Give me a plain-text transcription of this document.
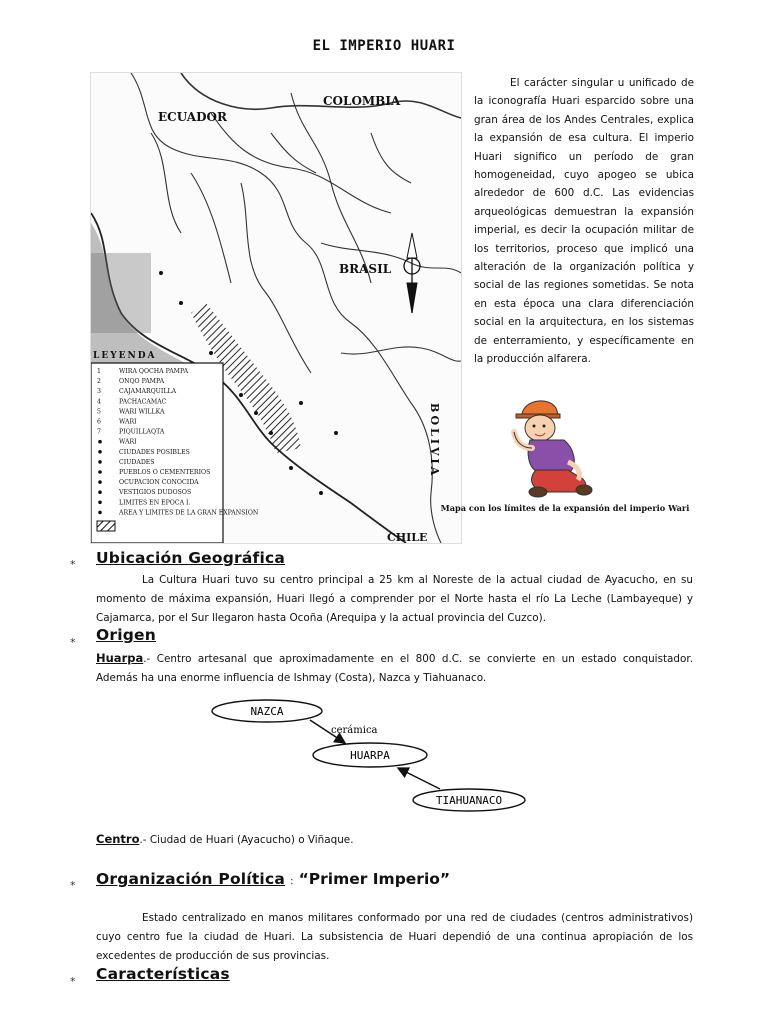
EL IMPERIO HUARI
ECUADOR
COLOMBIA
BRASIL
BOLIVIA
CHILE
LEYENDA
1	WIRA QOCHA PAMPA
2	ONQO PAMPA
3	CAJAMARQUILLA
4	PACHACAMAC
5	WARI WILLKA
6	WARI
7	PIQUILLAQTA
WARI
CIUDADES POSIBLES
CIUDADES
PUEBLOS O CEMENTERIOS
OCUPACION CONOCIDA
VESTIGIOS DUDOSOS
LIMITES EN EPOCA I.
AREA Y LIMITES DE LA GRAN EXPANSION

El carácter singular u unificado de la iconografía Huari esparcido sobre una gran área de los Andes Centrales, explica la expansión de esa cultura. El imperio Huari significo un período de gran homogeneidad, cuyo apogeo se ubica alrededor de 600 d.C. Las evidencias arqueológicas demuestran la expansión imperial, es decir la ocupación militar de los territorios, proceso que implicó una alteración de la organización política y social de las regiones sometidas. Se nota en esta época una clara diferenciación social en la arquitectura, en los sistemas de enterramiento, y específicamente en la producción alfarera.

Mapa con los límites de la expansión del imperio Wari
* Ubicación Geográfica
La Cultura Huari tuvo su centro principal a 25 km al Noreste de la actual ciudad de Ayacucho, en su momento de máxima expansión, Huari llegó a comprender por el Norte hasta el río La Leche (Lambayeque) y Cajamarca, por el Sur llegaron hasta Ocoña (Arequipa y la actual provincia del Cuzco).
* Origen
Huarpa.- Centro artesanal que aproximadamente en el 800 d.C. se convierte en un estado conquistador. Además ha una enorme influencia de Ishmay (Costa), Nazca y Tiahuanaco.
NAZCA
HUARPA
TIAHUANACO
cerámica
Centro.- Ciudad de Huari (Ayacucho) o Viñaque.
* Organización Política : “Primer Imperio”
Estado centralizado en manos militares conformado por una red de ciudades (centros administrativos) cuyo centro fue la ciudad de Huari. La subsistencia de Huari dependió de una continua apropiación de los excedentes de producción de sus provincias.
* Características
